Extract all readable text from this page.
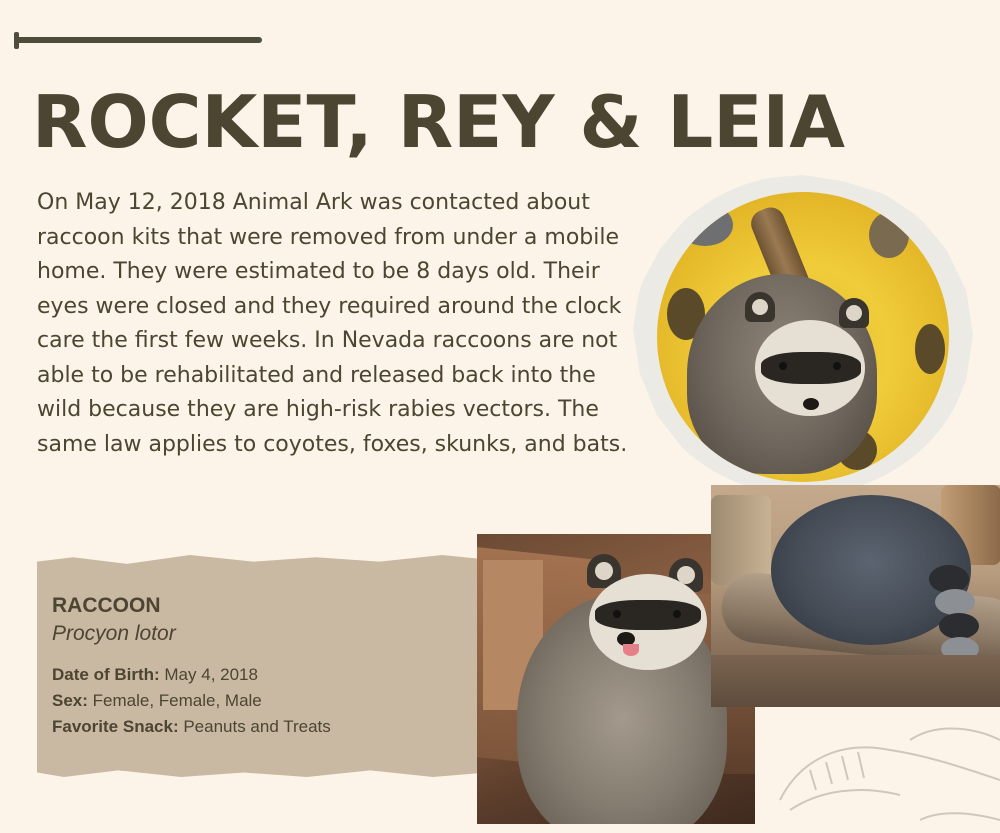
ROCKET, REY & LEIA

On May 12, 2018 Animal Ark was contacted about raccoon kits that were removed from under a mobile home. They were estimated to be 8 days old. Their eyes were closed and they required around the clock care the first few weeks. In Nevada raccoons are not able to be rehabilitated and released back into the wild because they are high-risk rabies vectors. The same law applies to coyotes, foxes, skunks, and bats.

RACCOON

Procyon lotor

Date of Birth: May 4, 2018

Sex: Female, Female, Male

Favorite Snack: Peanuts and Treats
